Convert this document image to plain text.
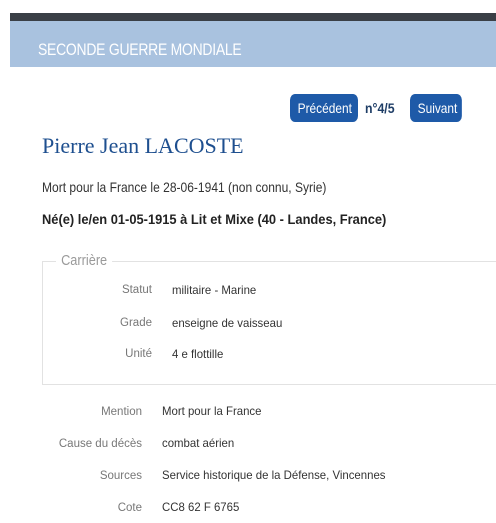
SECONDE GUERRE MONDIALE
Précédent n°4/5	Suivant
Pierre Jean LACOSTE
Mort pour la France le 28-06-1941 (non connu, Syrie)
Né(e) le/en 01-05-1915 à Lit et Mixe (40 - Landes, France)
Carrière
Statut militaire - Marine
Grade enseigne de vaisseau
Unité 4 e flottille
Mention Mort pour la France
Cause du décès combat aérien
Sources Service historique de la Défense, Vincennes
Cote CC8 62 F 6765
